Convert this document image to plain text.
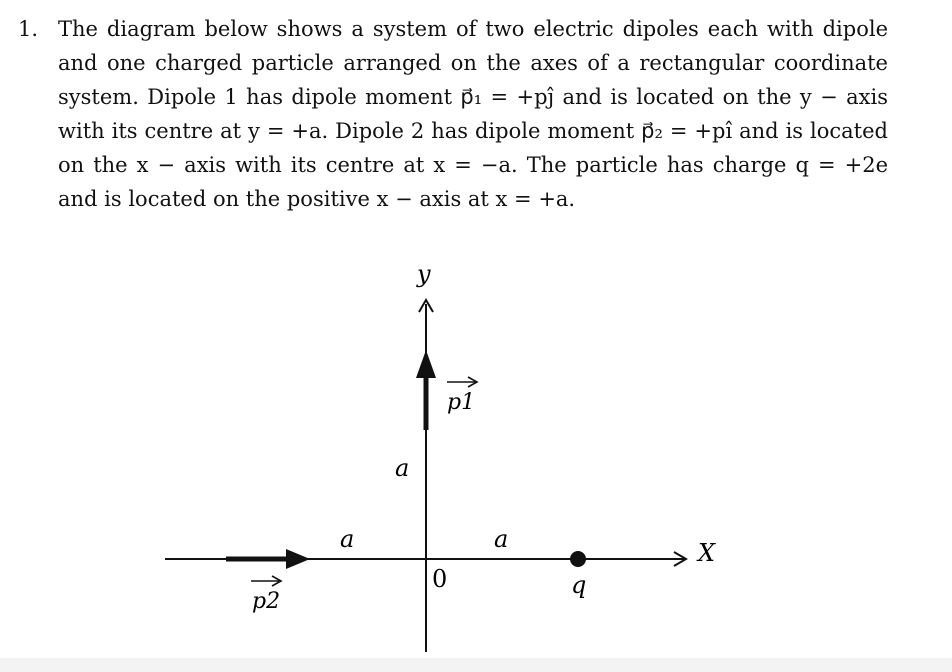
1. The diagram below shows a system of two electric dipoles each with dipole and one charged particle arranged on the axes of a rectangular coordinate system. Dipole 1 has dipole moment p⃗₁ = +pĵ and is located on the y − axis with its centre at y = +a. Dipole 2 has dipole moment p⃗₂ = +pî and is located on the x − axis with its centre at x = −a. The particle has charge q = +2e and is located on the positive x − axis at x = +a.
y
p1
a
X
p2
a	a
0	q
